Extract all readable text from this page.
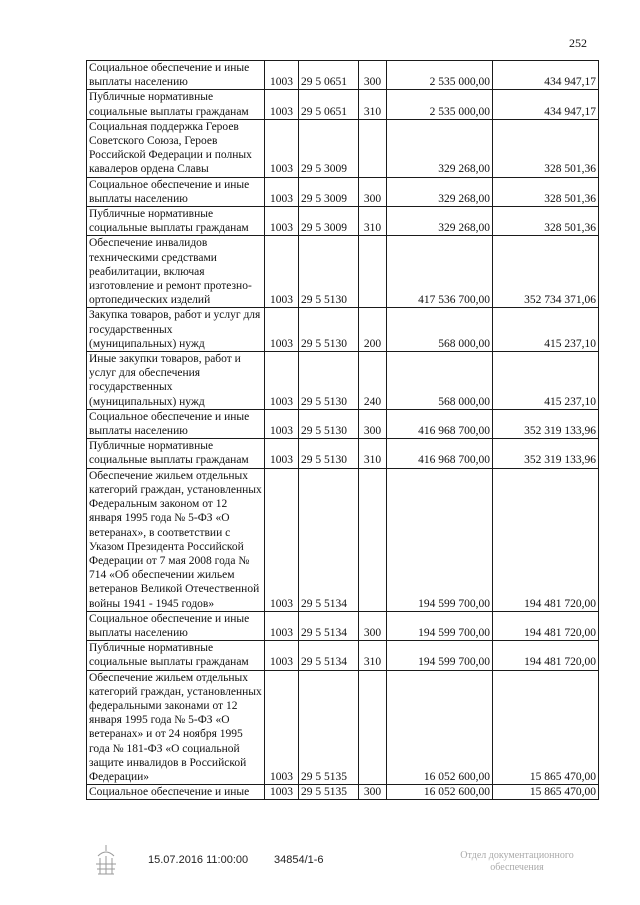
252
Социальное обеспечение и иные выплаты населению	1003	29 5 0651	300	2 535 000,00	434 947,17
Публичные нормативные социальные выплаты гражданам	1003	29 5 0651	310	2 535 000,00	434 947,17
Социальная поддержка Героев Советского Союза, Героев Российской Федерации и полных кавалеров ордена Славы	1003	29 5 3009		329 268,00	328 501,36
Социальное обеспечение и иные выплаты населению	1003	29 5 3009	300	329 268,00	328 501,36
Публичные нормативные социальные выплаты гражданам	1003	29 5 3009	310	329 268,00	328 501,36
Обеспечение инвалидов техническими средствами реабилитации, включая изготовление и ремонт протезно-ортопедических изделий	1003	29 5 5130		417 536 700,00	352 734 371,06
Закупка товаров, работ и услуг для государственных (муниципальных) нужд	1003	29 5 5130	200	568 000,00	415 237,10
Иные закупки товаров, работ и услуг для обеспечения государственных (муниципальных) нужд	1003	29 5 5130	240	568 000,00	415 237,10
Социальное обеспечение и иные выплаты населению	1003	29 5 5130	300	416 968 700,00	352 319 133,96
Публичные нормативные социальные выплаты гражданам	1003	29 5 5130	310	416 968 700,00	352 319 133,96
Обеспечение жильем отдельных категорий граждан, установленных Федеральным законом от 12 января 1995 года № 5-ФЗ «О ветеранах», в соответствии с Указом Президента Российской Федерации от 7 мая 2008 года № 714 «Об обеспечении жильем ветеранов Великой Отечественной войны 1941 - 1945 годов»	1003	29 5 5134		194 599 700,00	194 481 720,00
Социальное обеспечение и иные выплаты населению	1003	29 5 5134	300	194 599 700,00	194 481 720,00
Публичные нормативные социальные выплаты гражданам	1003	29 5 5134	310	194 599 700,00	194 481 720,00
Обеспечение жильем отдельных категорий граждан, установленных федеральными законами от 12 января 1995 года № 5-ФЗ «О ветеранах» и от 24 ноября 1995 года № 181-ФЗ «О социальной защите инвалидов в Российской Федерации»	1003	29 5 5135		16 052 600,00	15 865 470,00
Социальное обеспечение и иные	1003	29 5 5135	300	16 052 600,00	15 865 470,00
15.07.2016 11:00:00 34854/1-6	Отдел документационного обеспечения
